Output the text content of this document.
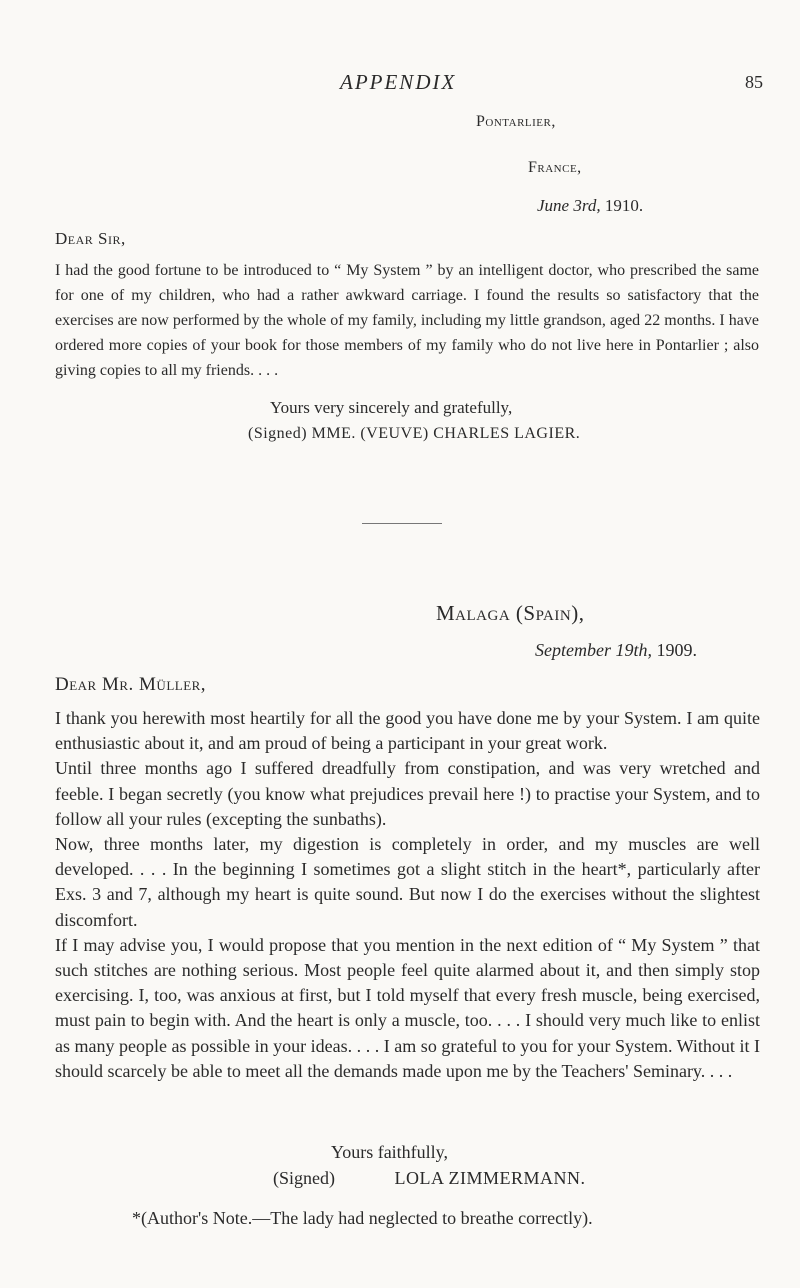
APPENDIX	85
Pontarlier,
France,
June 3rd, 1910.
Dear Sir,
I had the good fortune to be introduced to “ My System ” by an intelligent doctor, who prescribed the same for one of my children, who had a rather awkward carriage. I found the results so satisfactory that the exercises are now performed by the whole of my family, including my little grandson, aged 22 months. I have ordered more copies of your book for those members of my family who do not live here in Pontarlier ; also giving copies to all my friends. . . .
Yours very sincerely and gratefully,
(Signed) MME. (VEUVE) CHARLES LAGIER.
Malaga (Spain),
September 19th, 1909.
Dear Mr. Müller,

I thank you herewith most heartily for all the good you have done me by your System. I am quite enthusiastic about it, and am proud of being a participant in your great work.

Until three months ago I suffered dreadfully from constipation, and was very wretched and feeble. I began secretly (you know what prejudices prevail here !) to practise your System, and to follow all your rules (excepting the sunbaths).

Now, three months later, my digestion is completely in order, and my muscles are well developed. . . . In the beginning I sometimes got a slight stitch in the heart*, particularly after Exs. 3 and 7, although my heart is quite sound. But now I do the exercises without the slightest discomfort.

If I may advise you, I would propose that you mention in the next edition of “ My System ” that such stitches are nothing serious. Most people feel quite alarmed about it, and then simply stop exercising. I, too, was anxious at first, but I told myself that every fresh muscle, being exercised, must pain to begin with. And the heart is only a muscle, too. . . . I should very much like to enlist as many people as possible in your ideas. . . . I am so grateful to you for your System. Without it I should scarcely be able to meet all the demands made upon me by the Teachers' Seminary. . . .

Yours faithfully,
(Signed)	LOLA ZIMMERMANN.
*(Author's Note.—The lady had neglected to breathe correctly).
